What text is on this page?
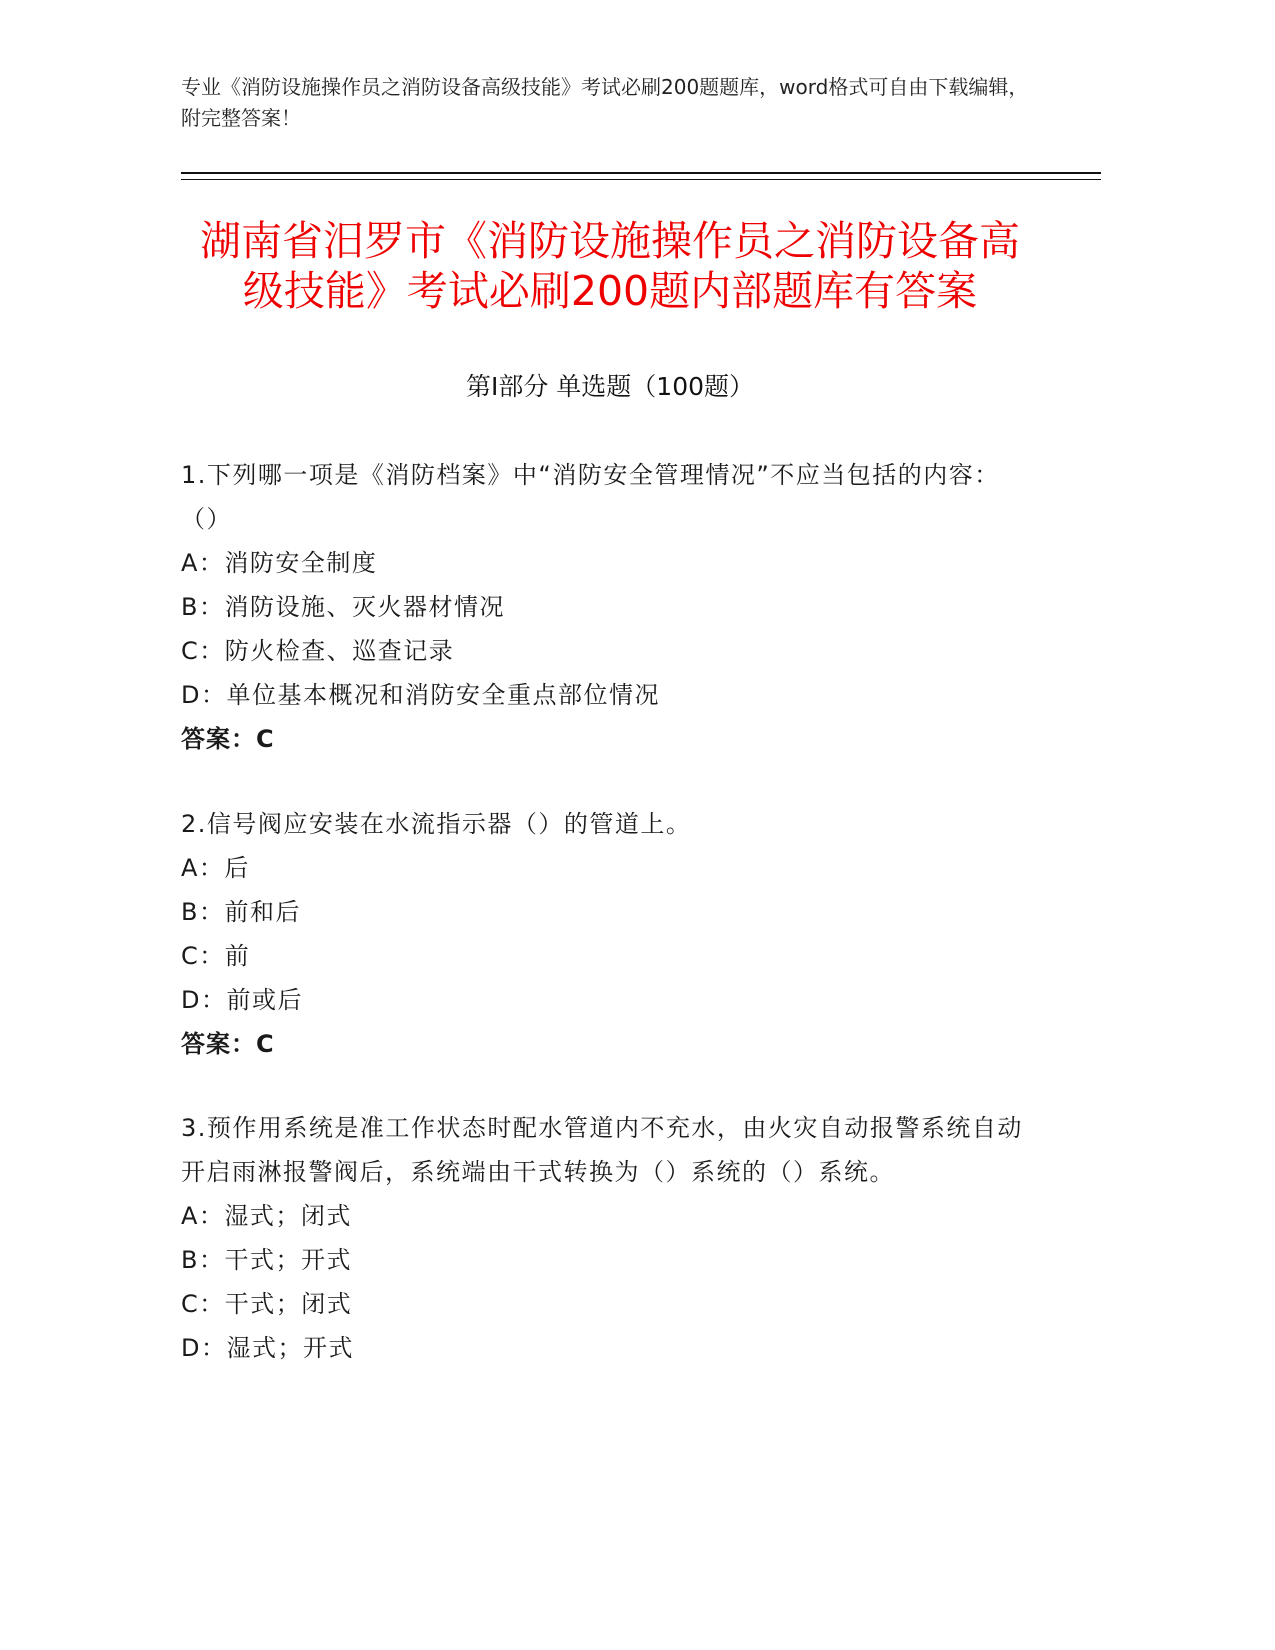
专业《消防设施操作员之消防设备高级技能》考试必刷200题题库，word格式可自由下载编辑，附完整答案！
湖南省汨罗市《消防设施操作员之消防设备高级技能》考试必刷200题内部题库有答案
第Ⅰ部分 单选题（100题）
1.下列哪一项是《消防档案》中“消防安全管理情况”不应当包括的内容：（）
A：消防安全制度
B：消防设施、灭火器材情况
C：防火检查、巡查记录
D：单位基本概况和消防安全重点部位情况
答案：C
2.信号阀应安装在水流指示器（）的管道上。
A：后
B：前和后
C：前
D：前或后
答案：C
3.预作用系统是准工作状态时配水管道内不充水，由火灾自动报警系统自动开启雨淋报警阀后，系统端由干式转换为（）系统的（）系统。
A：湿式；闭式
B：干式；开式
C：干式；闭式
D：湿式；开式
